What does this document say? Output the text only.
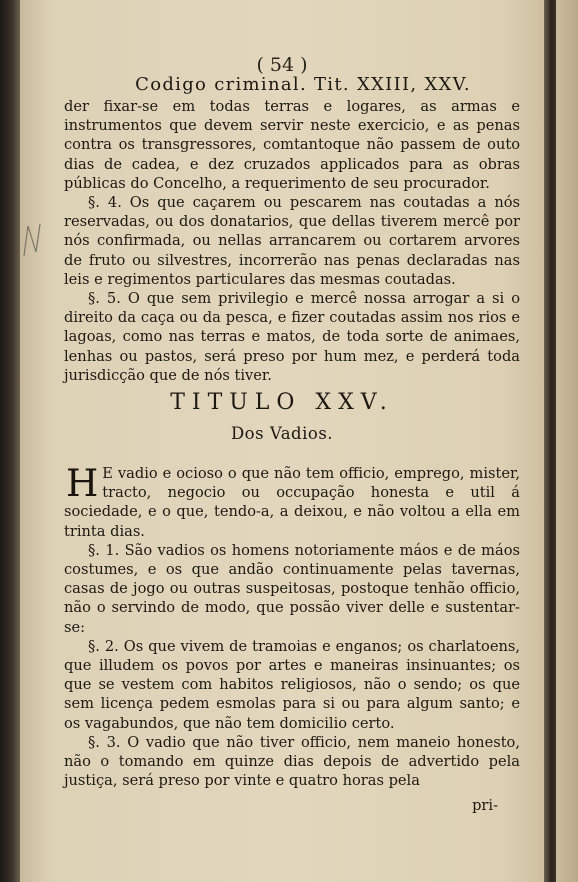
( 54 )
Codigo criminal. Tit. XXIII, XXV.

der fixar-se em todas terras e logares, as armas e instrumentos que devem servir neste exercicio, e as penas contra os transgressores, comtantoque não passem de outo dias de cadea, e dez cruzados applicados para as obras públicas do Concelho, a requerimento de seu procurador.

§. 4. Os que caçarem ou pescarem nas coutadas a nós reservadas, ou dos donatarios, que dellas tiverem mercê por nós confirmada, ou nellas arrancarem ou cortarem arvores de fruto ou silvestres, incorrerão nas penas declaradas nas leis e regimentos particulares das mesmas coutadas.

§. 5. O que sem privilegio e mercê nossa arrogar a si o direito da caça ou da pesca, e fizer coutadas assim nos rios e lagoas, como nas terras e matos, de toda sorte de animaes, lenhas ou pastos, será preso por hum mez, e perderá toda jurisdicção que de nós tiver.

TITULO XXV.
Dos Vadios.

H E vadio e ocioso o que não tem officio, emprego, mister, tracto, negocio ou occupação honesta e util á sociedade, e o que, tendo-a, a deixou, e não voltou a ella em trinta dias.

§. 1. São vadios os homens notoriamente máos e de máos costumes, e os que andão continuamente pelas tavernas, casas de jogo ou outras suspeitosas, postoque tenhão officio, não o servindo de modo, que possão viver delle e sustentar-se:

§. 2. Os que vivem de tramoias e enganos; os charlatoens, que illudem os povos por artes e maneiras insinuantes; os que se vestem com habitos religiosos, não o sendo; os que sem licença pedem esmolas para si ou para algum santo; e os vagabundos, que não tem domicilio certo.

§. 3. O vadio que não tiver officio, nem maneio honesto, não o tomando em quinze dias depois de advertido pela justiça, será preso por vinte e quatro horas pela

pri-
